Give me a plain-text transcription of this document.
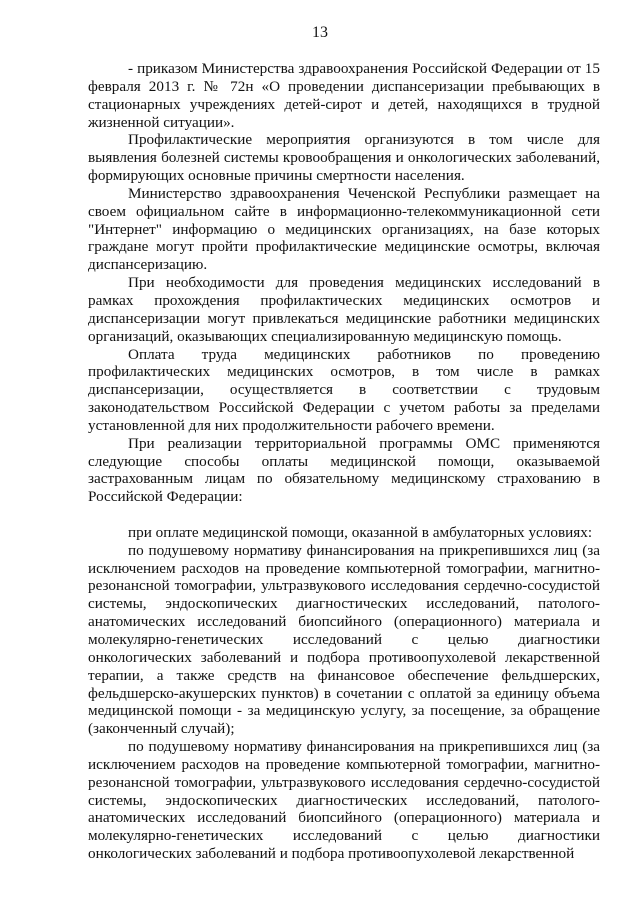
13

- приказом Министерства здравоохранения Российской Федерации от 15 февраля 2013 г. № 72н «О проведении диспансеризации пребывающих в стационарных учреждениях детей-сирот и детей, находящихся в трудной жизненной ситуации».

Профилактические мероприятия организуются в том числе для выявления болезней системы кровообращения и онкологических заболеваний, формирующих основные причины смертности населения.

Министерство здравоохранения Чеченской Республики размещает на своем официальном сайте в информационно-телекоммуникационной сети "Интернет" информацию о медицинских организациях, на базе которых граждане могут пройти профилактические медицинские осмотры, включая диспансеризацию.

При необходимости для проведения медицинских исследований в рамках прохождения профилактических медицинских осмотров и диспансеризации могут привлекаться медицинские работники медицинских организаций, оказывающих специализированную медицинскую помощь.

Оплата труда медицинских работников по проведению профилактических медицинских осмотров, в том числе в рамках диспансеризации, осуществляется в соответствии с трудовым законодательством Российской Федерации с учетом работы за пределами установленной для них продолжительности рабочего времени.

При реализации территориальной программы ОМС применяются следующие способы оплаты медицинской помощи, оказываемой застрахованным лицам по обязательному медицинскому страхованию в Российской Федерации:

при оплате медицинской помощи, оказанной в амбулаторных условиях:

по подушевому нормативу финансирования на прикрепившихся лиц (за исключением расходов на проведение компьютерной томографии, магнитно-резонансной томографии, ультразвукового исследования сердечно-сосудистой системы, эндоскопических диагностических исследований, патолого-анатомических исследований биопсийного (операционного) материала и молекулярно-генетических исследований с целью диагностики онкологических заболеваний и подбора противоопухолевой лекарственной терапии, а также средств на финансовое обеспечение фельдшерских, фельдшерско-акушерских пунктов) в сочетании с оплатой за единицу объема медицинской помощи - за медицинскую услугу, за посещение, за обращение (законченный случай);

по подушевому нормативу финансирования на прикрепившихся лиц (за исключением расходов на проведение компьютерной томографии, магнитно-резонансной томографии, ультразвукового исследования сердечно-сосудистой системы, эндоскопических диагностических исследований, патолого-анатомических исследований биопсийного (операционного) материала и молекулярно-генетических исследований с целью диагностики онкологических заболеваний и подбора противоопухолевой лекарственной
